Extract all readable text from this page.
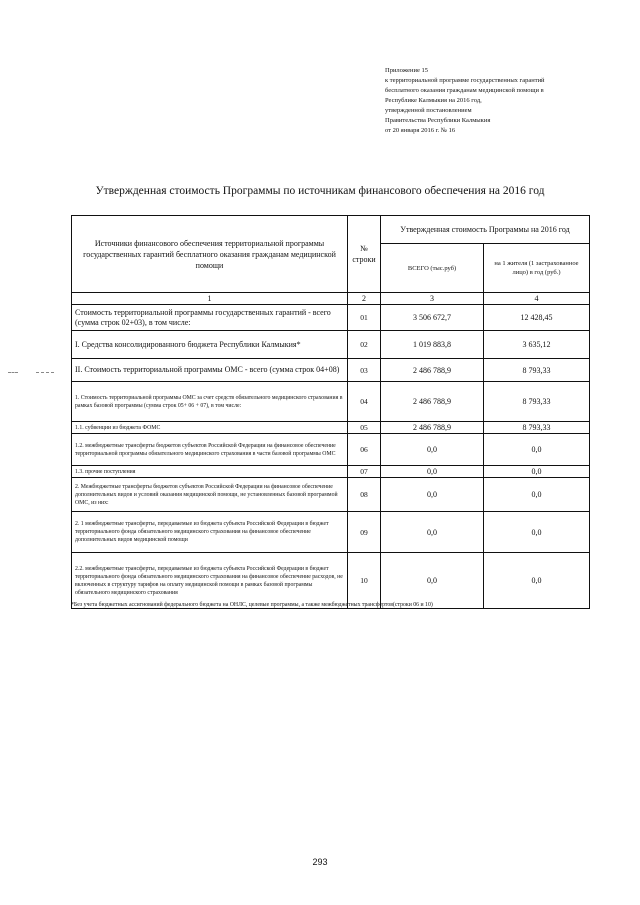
Приложение 15
к территориальной программе государственных гарантий
бесплатного оказания гражданам медицинской помощи в
Республике Калмыкия на 2016 год,
утвержденной постановлением
Правительства Республики Калмыкия
от 20 января 2016 г. № 16
Утвержденная стоимость Программы по источникам финансового обеспечения на 2016 год
Источники финансового обеспечения территориальной программы государственных гарантий бесплатного оказания гражданам медицинской помощи	№ строки	Утвержденная стоимость Программы на 2016 год	
		ВСЕГО (тыс.руб)	на 1 жителя (1 застрахованное лицо) в год (руб.)
1	2	3	4
Стоимость территориальной программы государственных гарантий - всего (сумма строк 02+03), в том числе:	01	3 506 672,7	12 428,45
I. Средства консолидированного бюджета Республики Калмыкия*	02	1 019 883,8	3 635,12
II. Стоимость территориальной программы ОМС - всего (сумма строк 04+08)	03	2 486 788,9	8 793,33
1. Стоимость территориальной программы ОМС за счет средств обязательного медицинского страхования в рамках базовой программы (сумма строк 05+ 06 + 07), в том числе:	04	2 486 788,9	8 793,33
1.1. субвенции из бюджета ФОМС	05	2 486 788,9	8 793,33
1.2. межбюджетные трансферты бюджетов субъектов Российской Федерации на финансовое обеспечение территориальной программы обязательного медицинского страхования в части базовой программы ОМС	06	0,0	0,0
1.3. прочие поступления	07	0,0	0,0
2. Межбюджетные трансферты бюджетов субъектов Российской Федерации на финансовое обеспечение дополнительных видов и условий оказания медицинской помощи, не установленных базовой программой ОМС, из них:	08	0,0	0,0
2. 1 межбюджетные трансферты, передаваемые из бюджета субъекта Российской Федерации в бюджет территориального фонда обязательного медицинского страхования на финансовое обеспечение дополнительных видов медицинской помощи	09	0,0	0,0
2.2. межбюджетные трансферты, передаваемые из бюджета субъекта Российской Федерации в бюджет территориального фонда обязательного медицинского страхования на финансовое обеспечение расходов, не включенных в структуру тарифов на оплату медицинской помощи в рамках базовой программы обязательного медицинского страхования	10	0,0	0,0
*Без учета бюджетных ассигнований федерального бюджета на ОНЛС, целевые программы, а также межбюджетных трансфертов(строки 06 и 10)
293
